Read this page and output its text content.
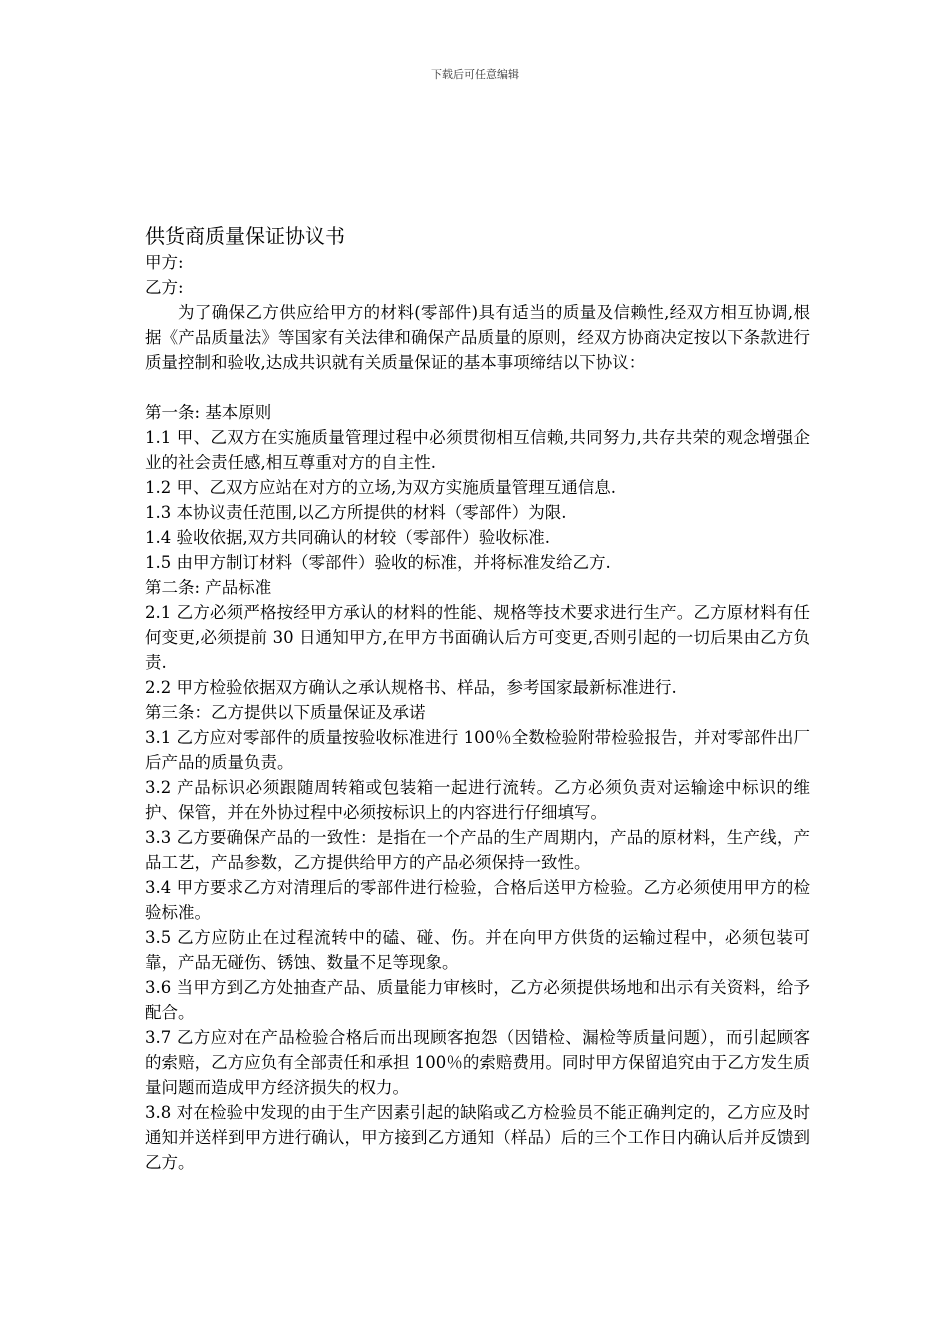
下载后可任意编辑

供货商质量保证协议书

甲方:

乙方:

为了确保乙方供应给甲方的材料(零部件)具有适当的质量及信赖性,经双方相互协调,根据《产品质量法》等国家有关法律和确保产品质量的原则，经双方协商决定按以下条款进行质量控制和验收,达成共识就有关质量保证的基本事项缔结以下协议：

第一条: 基本原则

1.1 甲、乙双方在实施质量管理过程中必须贯彻相互信赖,共同努力,共存共荣的观念增强企业的社会责任感,相互尊重对方的自主性.

1.2 甲、乙双方应站在对方的立场,为双方实施质量管理互通信息.

1.3 本协议责任范围,以乙方所提供的材料（零部件）为限.

1.4 验收依据,双方共同确认的材较（零部件）验收标准.

1.5 由甲方制订材料（零部件）验收的标准，并将标准发给乙方.

第二条: 产品标准

2.1 乙方必须严格按经甲方承认的材料的性能、规格等技术要求进行生产。乙方原材料有任何变更,必须提前 30 日通知甲方,在甲方书面确认后方可变更,否则引起的一切后果由乙方负责.

2.2 甲方检验依据双方确认之承认规格书、样品，参考国家最新标准进行.

第三条：乙方提供以下质量保证及承诺

3.1 乙方应对零部件的质量按验收标准进行 100％全数检验附带检验报告，并对零部件出厂后产品的质量负责。

3.2 产品标识必须跟随周转箱或包装箱一起进行流转。乙方必须负责对运输途中标识的维护、保管，并在外协过程中必须按标识上的内容进行仔细填写。

3.3 乙方要确保产品的一致性：是指在一个产品的生产周期内，产品的原材料，生产线，产品工艺，产品参数，乙方提供给甲方的产品必须保持一致性。

3.4 甲方要求乙方对清理后的零部件进行检验，合格后送甲方检验。乙方必须使用甲方的检验标准。

3.5 乙方应防止在过程流转中的磕、碰、伤。并在向甲方供货的运输过程中，必须包装可靠，产品无碰伤、锈蚀、数量不足等现象。

3.6 当甲方到乙方处抽查产品、质量能力审核时，乙方必须提供场地和出示有关资料，给予配合。

3.7 乙方应对在产品检验合格后而出现顾客抱怨（因错检、漏检等质量问题），而引起顾客的索赔，乙方应负有全部责任和承担 100％的索赔费用。同时甲方保留追究由于乙方发生质量问题而造成甲方经济损失的权力。

3.8 对在检验中发现的由于生产因素引起的缺陷或乙方检验员不能正确判定的，乙方应及时通知并送样到甲方进行确认，甲方接到乙方通知（样品）后的三个工作日内确认后并反馈到乙方。
